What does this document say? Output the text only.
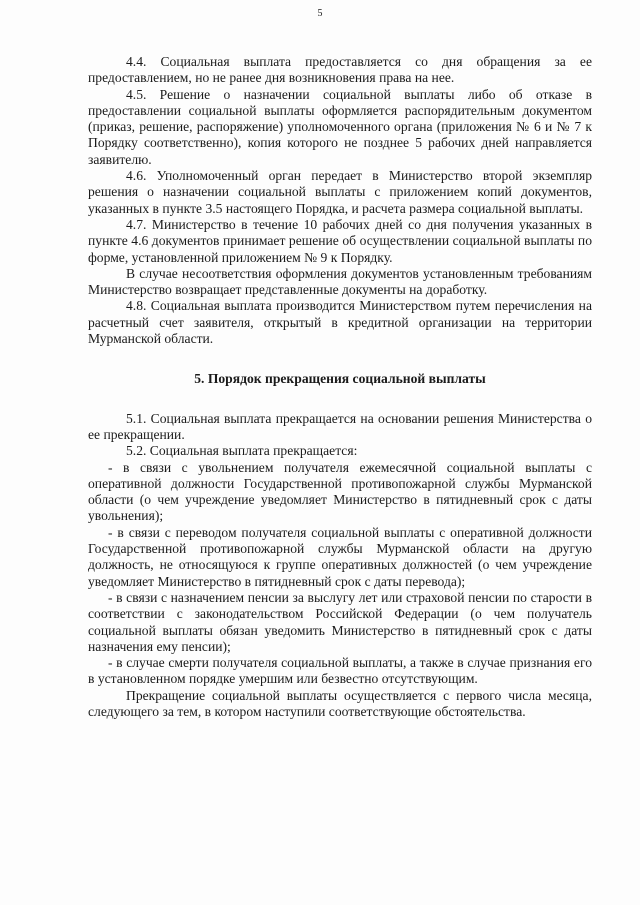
5

4.4. Социальная выплата предоставляется со дня обращения за ее предоставлением, но не ранее дня возникновения права на нее.

4.5. Решение о назначении социальной выплаты либо об отказе в предоставлении социальной выплаты оформляется распорядительным документом (приказ, решение, распоряжение) уполномоченного органа (приложения № 6 и № 7 к Порядку соответственно), копия которого не позднее 5 рабочих дней направляется заявителю.

4.6. Уполномоченный орган передает в Министерство второй экземпляр решения о назначении социальной выплаты с приложением копий документов, указанных в пункте 3.5 настоящего Порядка, и расчета размера социальной выплаты.

4.7. Министерство в течение 10 рабочих дней со дня получения указанных в пункте 4.6 документов принимает решение об осуществлении социальной выплаты по форме, установленной приложением № 9 к Порядку.

В случае несоответствия оформления документов установленным требованиям Министерство возвращает представленные документы на доработку.

4.8. Социальная выплата производится Министерством путем перечисления на расчетный счет заявителя, открытый в кредитной организации на территории Мурманской области.

5. Порядок прекращения социальной выплаты

5.1. Социальная выплата прекращается на основании решения Министерства о ее прекращении.

5.2. Социальная выплата прекращается:

- в связи с увольнением получателя ежемесячной социальной выплаты с оперативной должности Государственной противопожарной службы Мурманской области (о чем учреждение уведомляет Министерство в пятидневный срок с даты увольнения);

- в связи с переводом получателя социальной выплаты с оперативной должности Государственной противопожарной службы Мурманской области на другую должность, не относящуюся к группе оперативных должностей (о чем учреждение уведомляет Министерство в пятидневный срок с даты перевода);

- в связи с назначением пенсии за выслугу лет или страховой пенсии по старости в соответствии с законодательством Российской Федерации (о чем получатель социальной выплаты обязан уведомить Министерство в пятидневный срок с даты назначения ему пенсии);

- в случае смерти получателя социальной выплаты, а также в случае признания его в установленном порядке умершим или безвестно отсутствующим.

Прекращение социальной выплаты осуществляется с первого числа месяца, следующего за тем, в котором наступили соответствующие обстоятельства.
